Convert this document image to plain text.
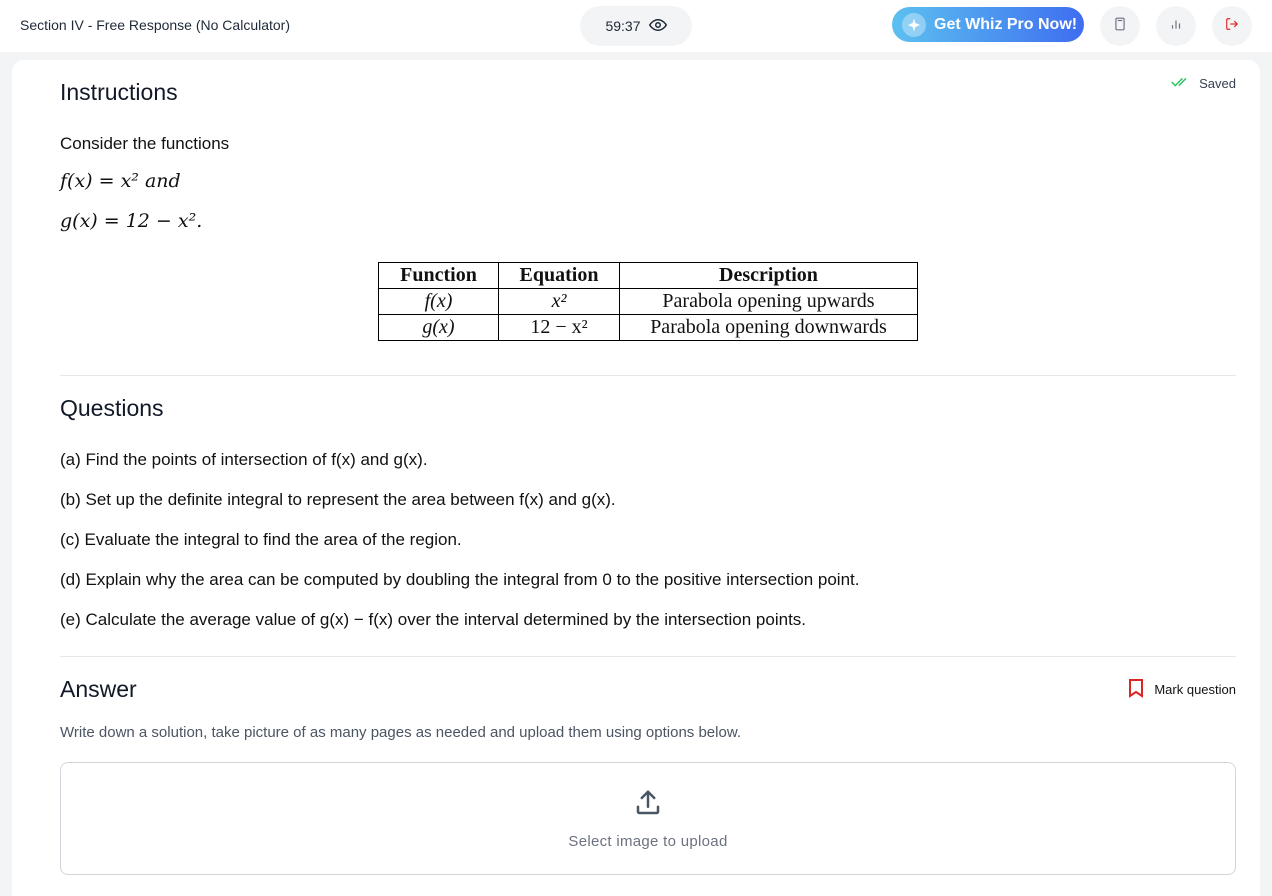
Section IV - Free Response (No Calculator)	59:37	Get Whiz Pro Now!
Saved
Instructions
Consider the functions
f(x) = x² and
g(x) = 12 − x².
Function	Equation	Description
f(x)	x²	Parabola opening upwards
g(x)	12 − x²	Parabola opening downwards
Questions
(a) Find the points of intersection of f(x) and g(x).
(b) Set up the definite integral to represent the area between f(x) and g(x).
(c) Evaluate the integral to find the area of the region.
(d) Explain why the area can be computed by doubling the integral from 0 to the positive intersection point.
(e) Calculate the average value of g(x) − f(x) over the interval determined by the intersection points.
Answer	Mark question
Write down a solution, take picture of as many pages as needed and upload them using options below.
Select image to upload
